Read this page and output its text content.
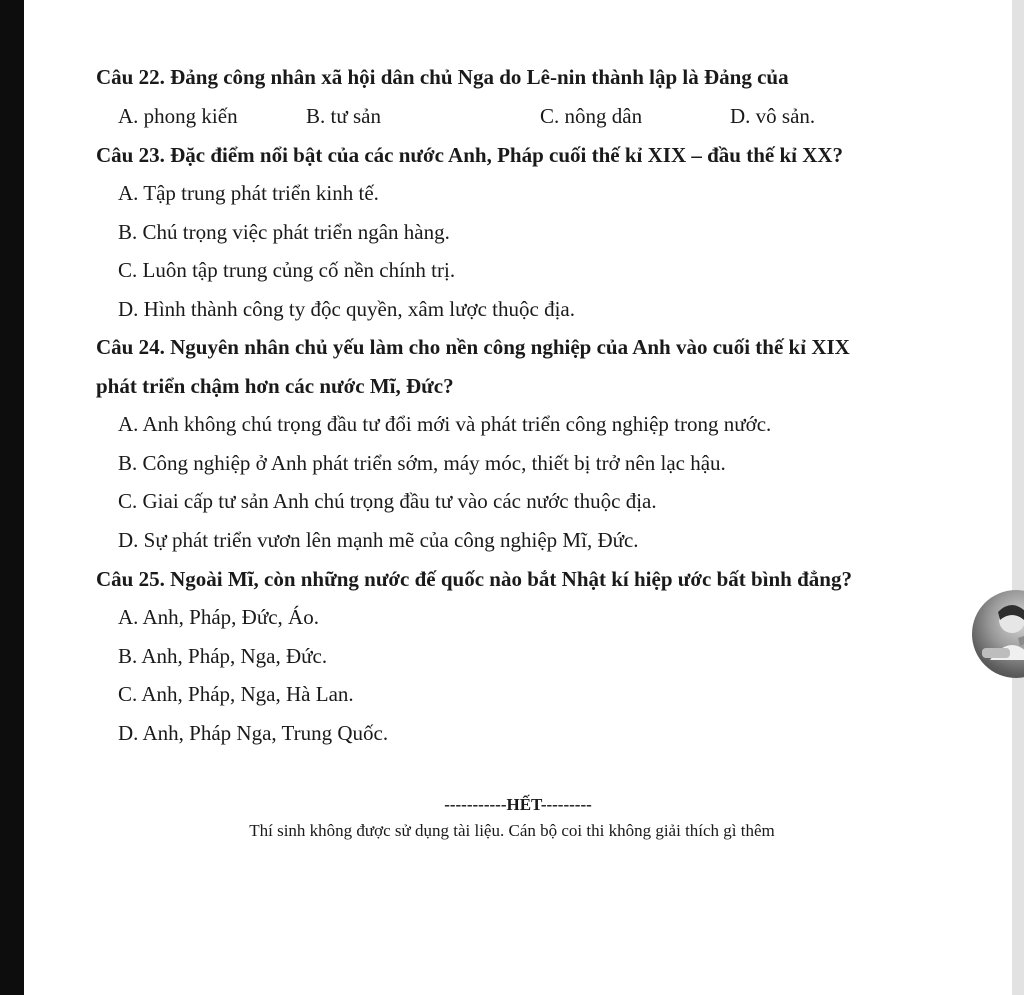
Câu 22. Đảng công nhân xã hội dân chủ Nga do Lê-nin thành lập là Đảng của
A. phong kiến	B. tư sản	C. nông dân	D. vô sản.
Câu 23. Đặc điểm nổi bật của các nước Anh, Pháp cuối thế kỉ XIX – đầu thế kỉ XX?
A. Tập trung phát triển kinh tế.
B. Chú trọng việc phát triển ngân hàng.
C. Luôn tập trung củng cố nền chính trị.
D. Hình thành công ty độc quyền, xâm lược thuộc địa.
Câu 24. Nguyên nhân chủ yếu làm cho nền công nghiệp của Anh vào cuối thế kỉ XIX
phát triển chậm hơn các nước Mĩ, Đức?
A. Anh không chú trọng đầu tư đổi mới và phát triển công nghiệp trong nước.
B. Công nghiệp ở Anh phát triển sớm, máy móc, thiết bị trở nên lạc hậu.
C. Giai cấp tư sản Anh chú trọng đầu tư vào các nước thuộc địa.
D. Sự phát triển vươn lên mạnh mẽ của công nghiệp Mĩ, Đức.
Câu 25. Ngoài Mĩ, còn những nước đế quốc nào bắt Nhật kí hiệp ước bất bình đẳng?
A. Anh, Pháp, Đức, Áo.
B. Anh, Pháp, Nga, Đức.
C. Anh, Pháp, Nga, Hà Lan.
D. Anh, Pháp Nga, Trung Quốc.
-----------HẾT---------
Thí sinh không được sử dụng tài liệu. Cán bộ coi thi không giải thích gì thêm
